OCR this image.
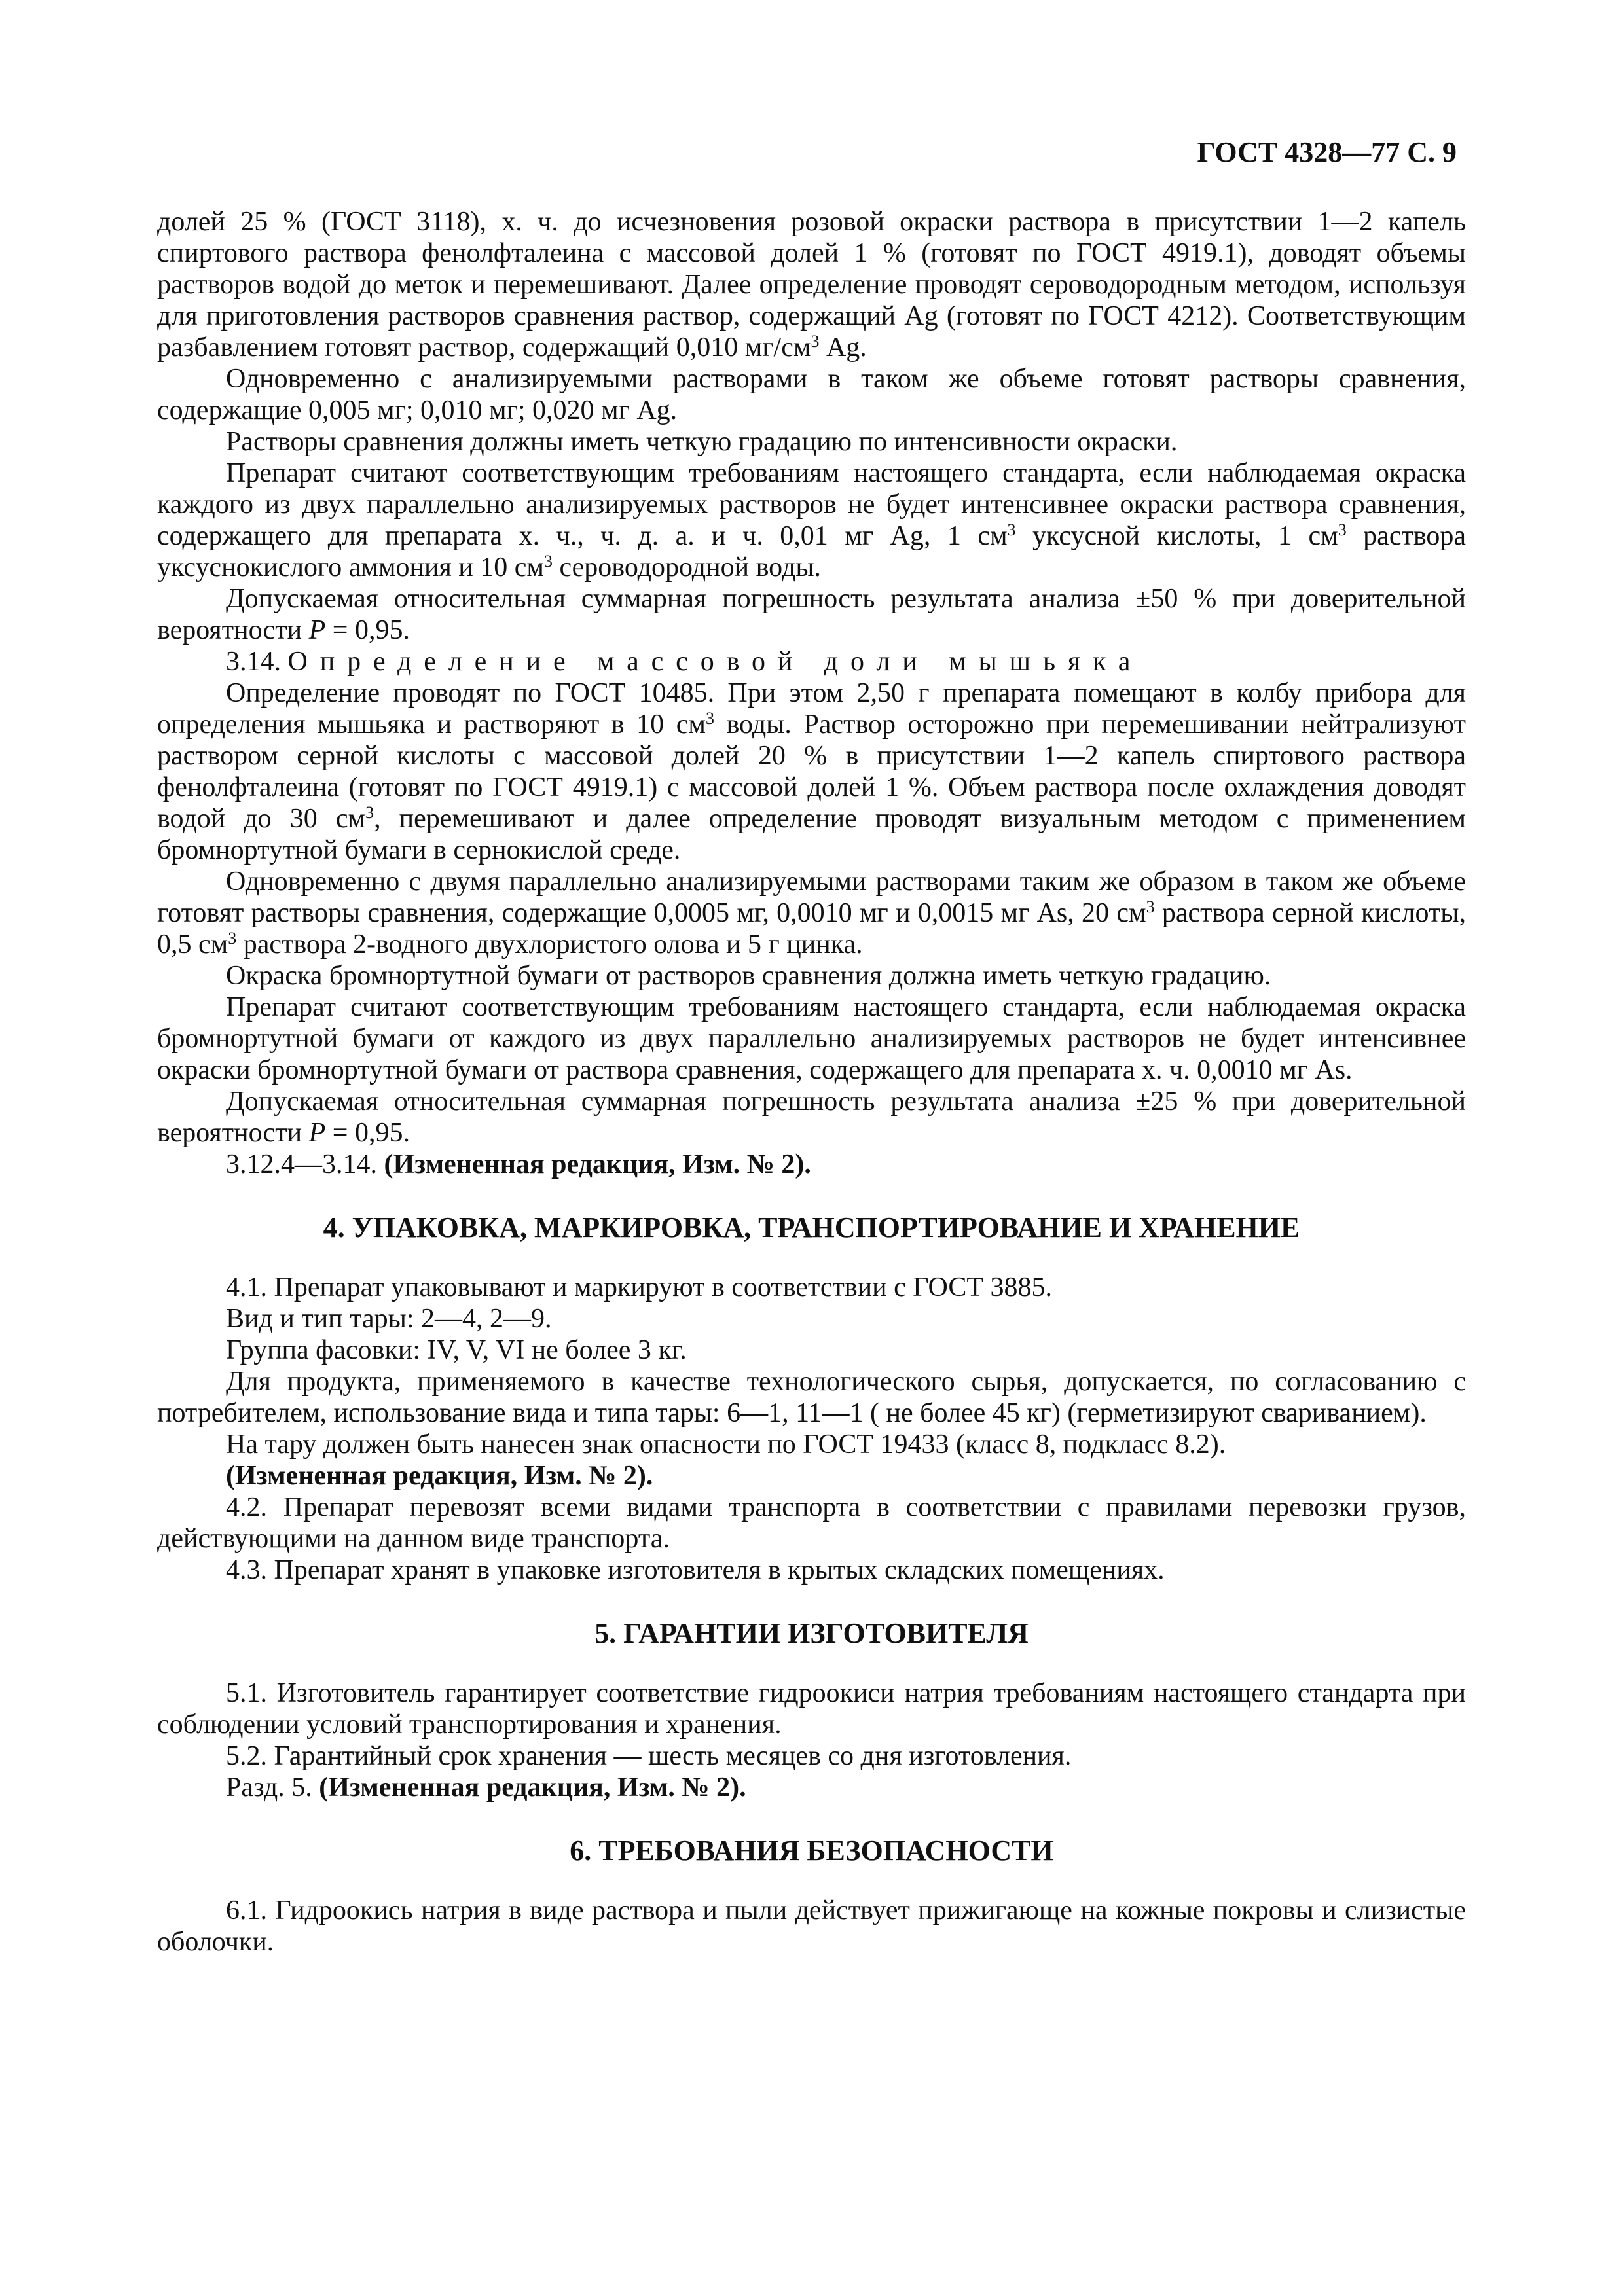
ГОСТ 4328—77 С. 9

долей 25 % (ГОСТ 3118), х. ч. до исчезновения розовой окраски раствора в присутствии 1—2 капель спиртового раствора фенолфталеина с массовой долей 1 % (готовят по ГОСТ 4919.1), доводят объемы растворов водой до меток и перемешивают. Далее определение проводят сероводородным методом, используя для приготовления растворов сравнения раствор, содержащий Ag (готовят по ГОСТ 4212). Соответствующим разбавлением готовят раствор, содержащий 0,010 $мг/см^3$ Ag.

Одновременно с анализируемыми растворами в таком же объеме готовят растворы сравнения, содержащие 0,005 мг; 0,010 мг; 0,020 мг Ag.

Растворы сравнения должны иметь четкую градацию по интенсивности окраски.

Препарат считают соответствующим требованиям настоящего стандарта, если наблюдаемая окраска каждого из двух параллельно анализируемых растворов не будет интенсивнее окраски раствора сравнения, содержащего для препарата х. ч., ч. д. а. и ч. 0,01 мг Ag, 1 $см^3$ уксусной кислоты, 1 $см^3$ раствора уксуснокислого аммония и 10 $см^3$ сероводородной воды.

Допускаемая относительная суммарная погрешность результата анализа ±50 % при доверительной вероятности P = 0,95.

3.14. Определение массовой доли мышьяка

Определение проводят по ГОСТ 10485. При этом 2,50 г препарата помещают в колбу прибора для определения мышьяка и растворяют в 10 $см^3$ воды. Раствор осторожно при перемешивании нейтрализуют раствором серной кислоты с массовой долей 20 % в присутствии 1—2 капель спиртового раствора фенолфталеина (готовят по ГОСТ 4919.1) с массовой долей 1 %. Объем раствора после охлаждения доводят водой до 30 $см^3$, перемешивают и далее определение проводят визуальным методом с применением бромнортутной бумаги в сернокислой среде.

Одновременно с двумя параллельно анализируемыми растворами таким же образом в таком же объеме готовят растворы сравнения, содержащие 0,0005 мг, 0,0010 мг и 0,0015 мг As, 20 $см^3$ раствора серной кислоты, 0,5 $см^3$ раствора 2-водного двухлористого олова и 5 г цинка.

Окраска бромнортутной бумаги от растворов сравнения должна иметь четкую градацию.

Препарат считают соответствующим требованиям настоящего стандарта, если наблюдаемая окраска бромнортутной бумаги от каждого из двух параллельно анализируемых растворов не будет интенсивнее окраски бромнортутной бумаги от раствора сравнения, содержащего для препарата х. ч. 0,0010 мг As.

Допускаемая относительная суммарная погрешность результата анализа ±25 % при доверительной вероятности P = 0,95.

3.12.4—3.14. (Измененная редакция, Изм. № 2).

4. УПАКОВКА, МАРКИРОВКА, ТРАНСПОРТИРОВАНИЕ И ХРАНЕНИЕ

4.1. Препарат упаковывают и маркируют в соответствии с ГОСТ 3885.

Вид и тип тары: 2—4, 2—9.

Группа фасовки: IV, V, VI не более 3 кг.

Для продукта, применяемого в качестве технологического сырья, допускается, по согласованию с потребителем, использование вида и типа тары: 6—1, 11—1 ( не более 45 кг) (герметизируют свариванием).

На тару должен быть нанесен знак опасности по ГОСТ 19433 (класс 8, подкласс 8.2).

(Измененная редакция, Изм. № 2).

4.2. Препарат перевозят всеми видами транспорта в соответствии с правилами перевозки грузов, действующими на данном виде транспорта.

4.3. Препарат хранят в упаковке изготовителя в крытых складских помещениях.

5. ГАРАНТИИ ИЗГОТОВИТЕЛЯ

5.1. Изготовитель гарантирует соответствие гидроокиси натрия требованиям настоящего стандарта при соблюдении условий транспортирования и хранения.

5.2. Гарантийный срок хранения — шесть месяцев со дня изготовления.

Разд. 5. (Измененная редакция, Изм. № 2).

6. ТРЕБОВАНИЯ БЕЗОПАСНОСТИ

6.1. Гидроокись натрия в виде раствора и пыли действует прижигающе на кожные покровы и слизистые оболочки.
